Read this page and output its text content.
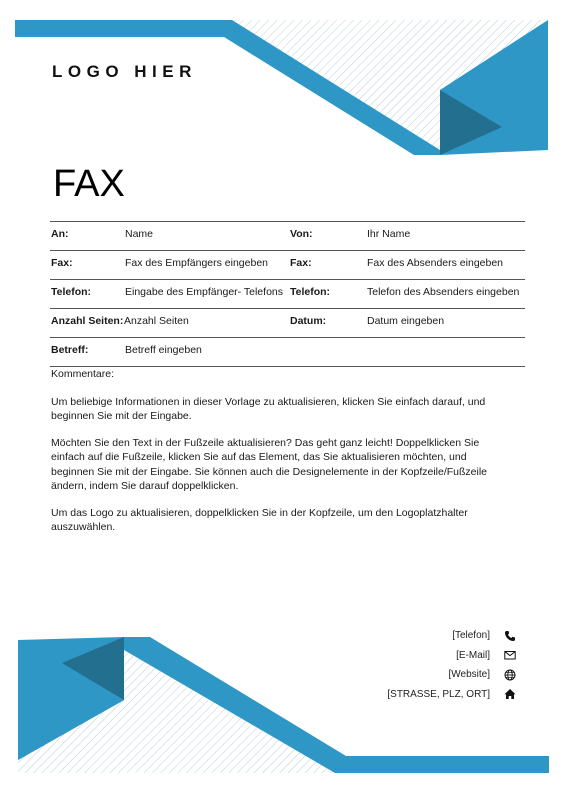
LOGO HIER
FAX
An:	Name	Von:	Ihr Name
Fax:	Fax des Empfängers eingeben Fax:	Fax des Absenders eingeben
Telefon:	Eingabe des Empfänger- Telefons Telefon:	Telefon des Absenders eingeben
Anzahl Seiten: Anzahl Seiten	Datum:	Datum eingeben
Betreff:	Betreff eingeben

Kommentare:

Um beliebige Informationen in dieser Vorlage zu aktualisieren, klicken Sie einfach darauf, und beginnen Sie mit der Eingabe.

Möchten Sie den Text in der Fußzeile aktualisieren? Das geht ganz leicht! Doppelklicken Sie einfach auf die Fußzeile, klicken Sie auf das Element, das Sie aktualisieren möchten, und beginnen Sie mit der Eingabe. Sie können auch die Designelemente in der Kopfzeile/Fußzeile ändern, indem Sie darauf doppelklicken.

Um das Logo zu aktualisieren, doppelklicken Sie in der Kopfzeile, um den Logoplatzhalter auszuwählen.

[Telefon]
[E-Mail]
[Website]
[STRASSE, PLZ, ORT]
